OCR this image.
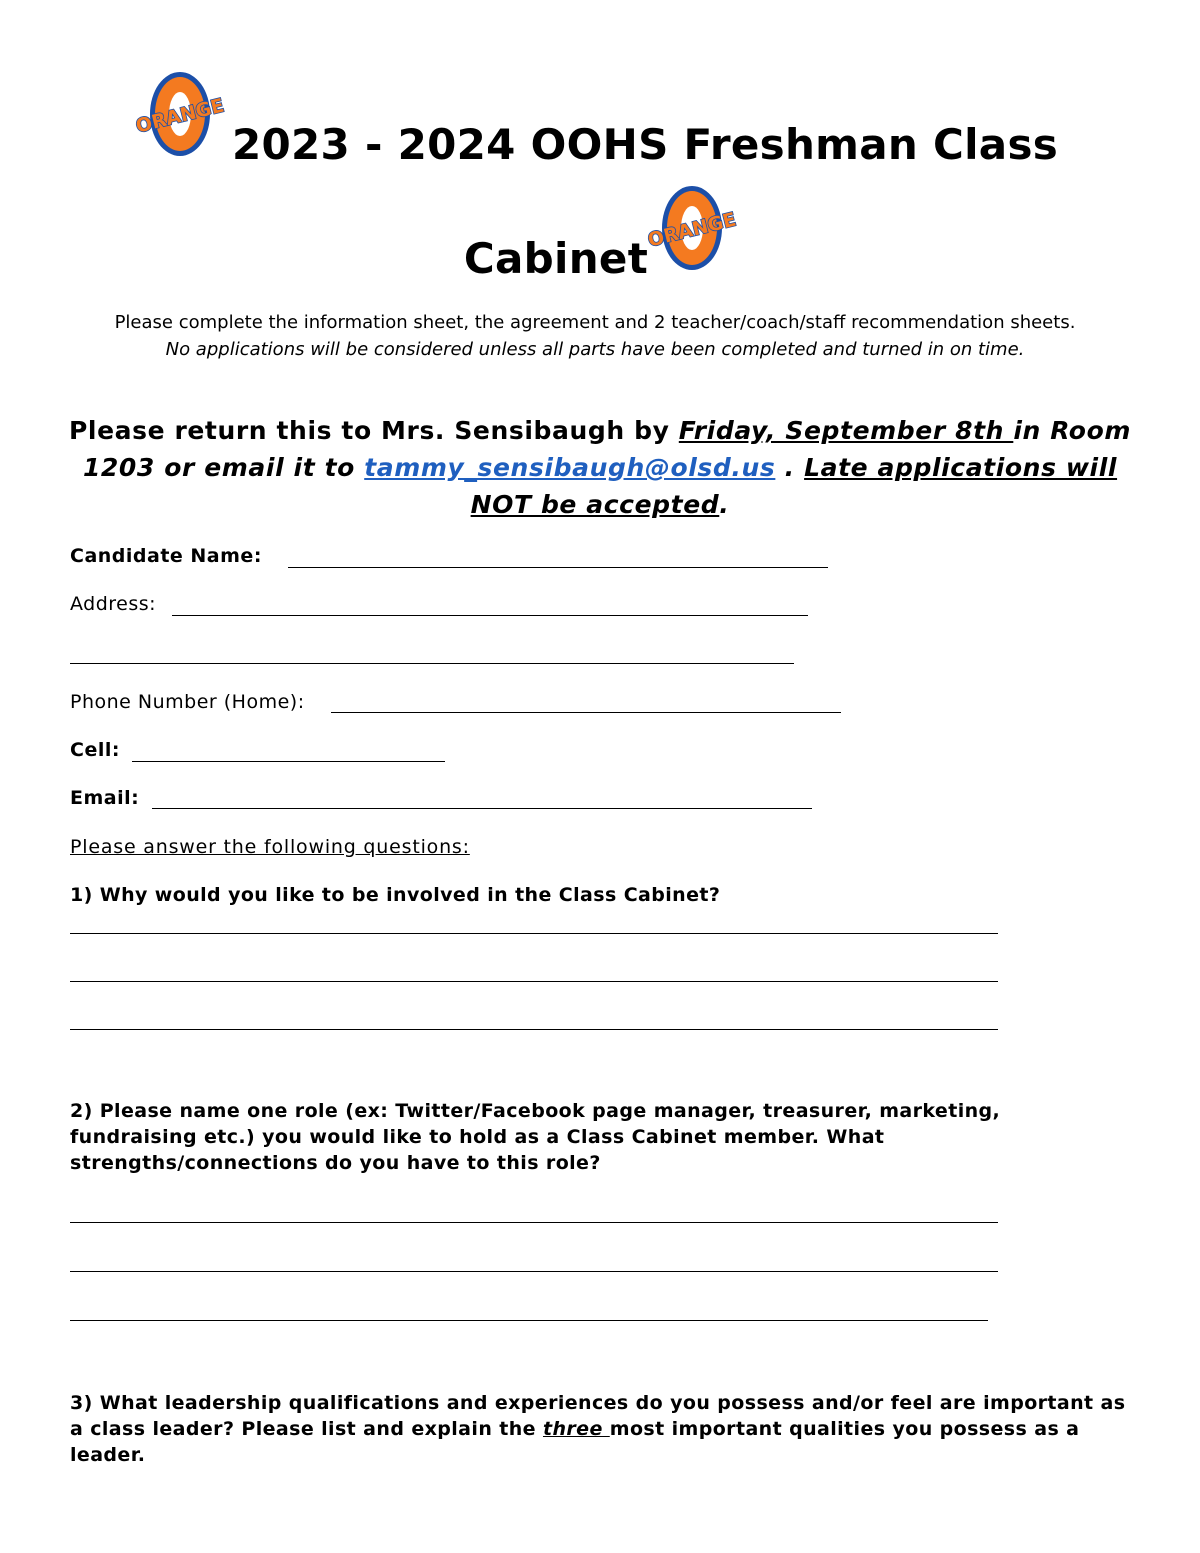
ORANGE
ORANGE
2023 - 2024 OOHS Freshman Class
Cabinet
Please complete the information sheet, the agreement and 2 teacher/coach/staff recommendation sheets.
No applications will be considered unless all parts have been completed and turned in on time.
Please return this to Mrs. Sensibaugh by Friday, September 8th in Room 1203 or email it to tammy_sensibaugh@olsd.us . Late applications will NOT be accepted.
Candidate Name:
Address:
Phone Number (Home):
Cell:
Email:
Please answer the following questions:
1) Why would you like to be involved in the Class Cabinet?
2) Please name one role (ex: Twitter/Facebook page manager, treasurer, marketing, fundraising etc.) you would like to hold as a Class Cabinet member. What strengths/connections do you have to this role?
3) What leadership qualifications and experiences do you possess and/or feel are important as a class leader? Please list and explain the three most important qualities you possess as a leader.
